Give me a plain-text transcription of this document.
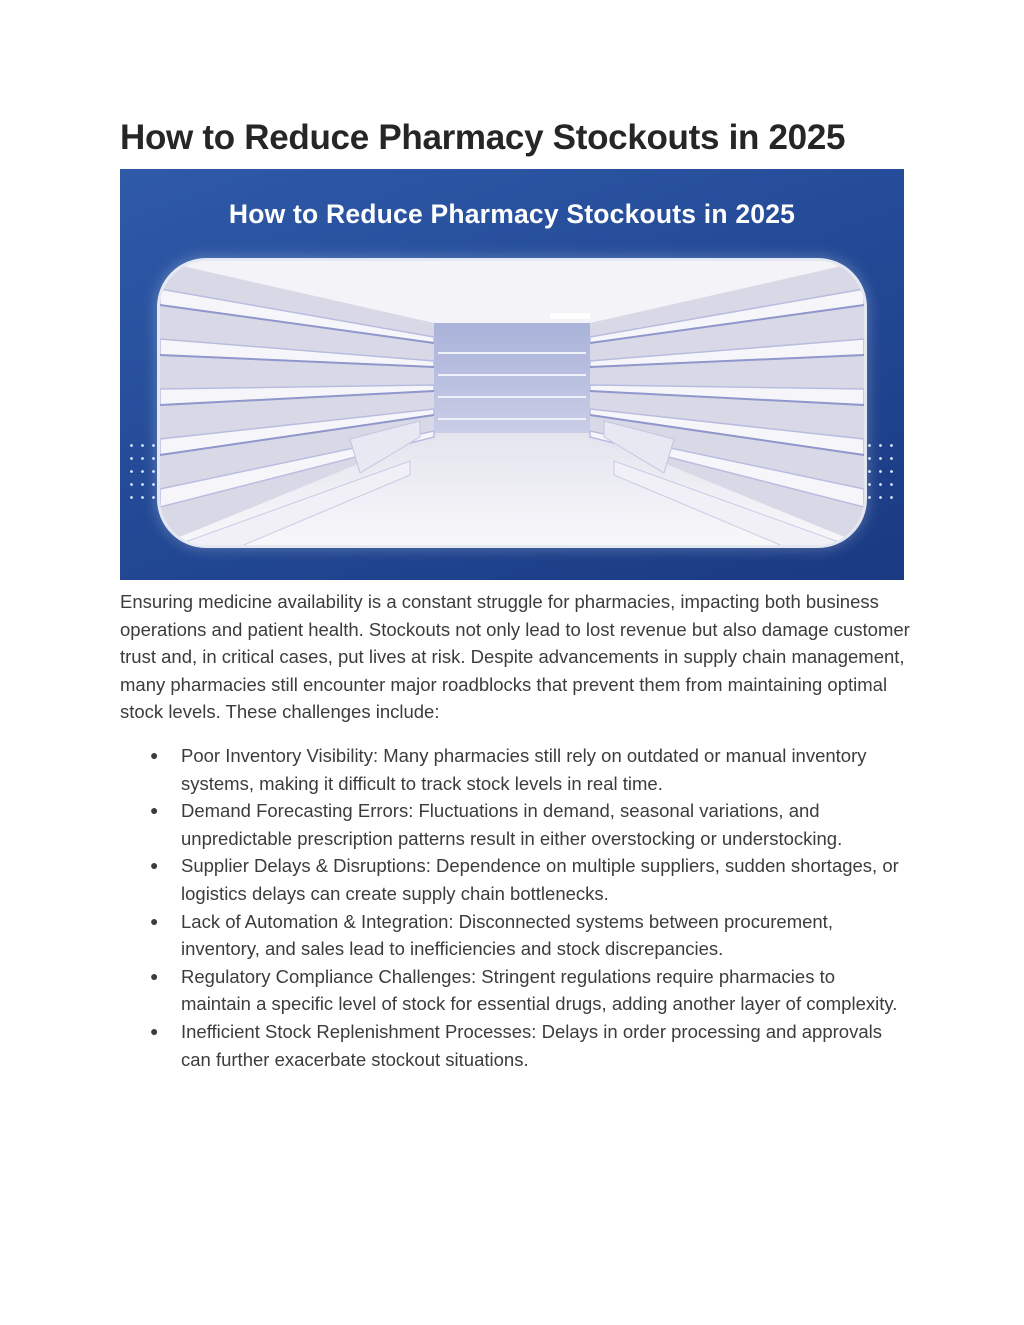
How to Reduce Pharmacy Stockouts in 2025
How to Reduce Pharmacy Stockouts in 2025

Ensuring medicine availability is a constant struggle for pharmacies, impacting both business operations and patient health. Stockouts not only lead to lost revenue but also damage customer trust and, in critical cases, put lives at risk. Despite advancements in supply chain management, many pharmacies still encounter major roadblocks that prevent them from maintaining optimal stock levels. These challenges include:

● Poor Inventory Visibility: Many pharmacies still rely on outdated or manual inventory systems, making it difficult to track stock levels in real time.
● Demand Forecasting Errors: Fluctuations in demand, seasonal variations, and unpredictable prescription patterns result in either overstocking or understocking.
● Supplier Delays & Disruptions: Dependence on multiple suppliers, sudden shortages, or logistics delays can create supply chain bottlenecks.
● Lack of Automation & Integration: Disconnected systems between procurement, inventory, and sales lead to inefficiencies and stock discrepancies.
● Regulatory Compliance Challenges: Stringent regulations require pharmacies to maintain a specific level of stock for essential drugs, adding another layer of complexity.
● Inefficient Stock Replenishment Processes: Delays in order processing and approvals can further exacerbate stockout situations.
